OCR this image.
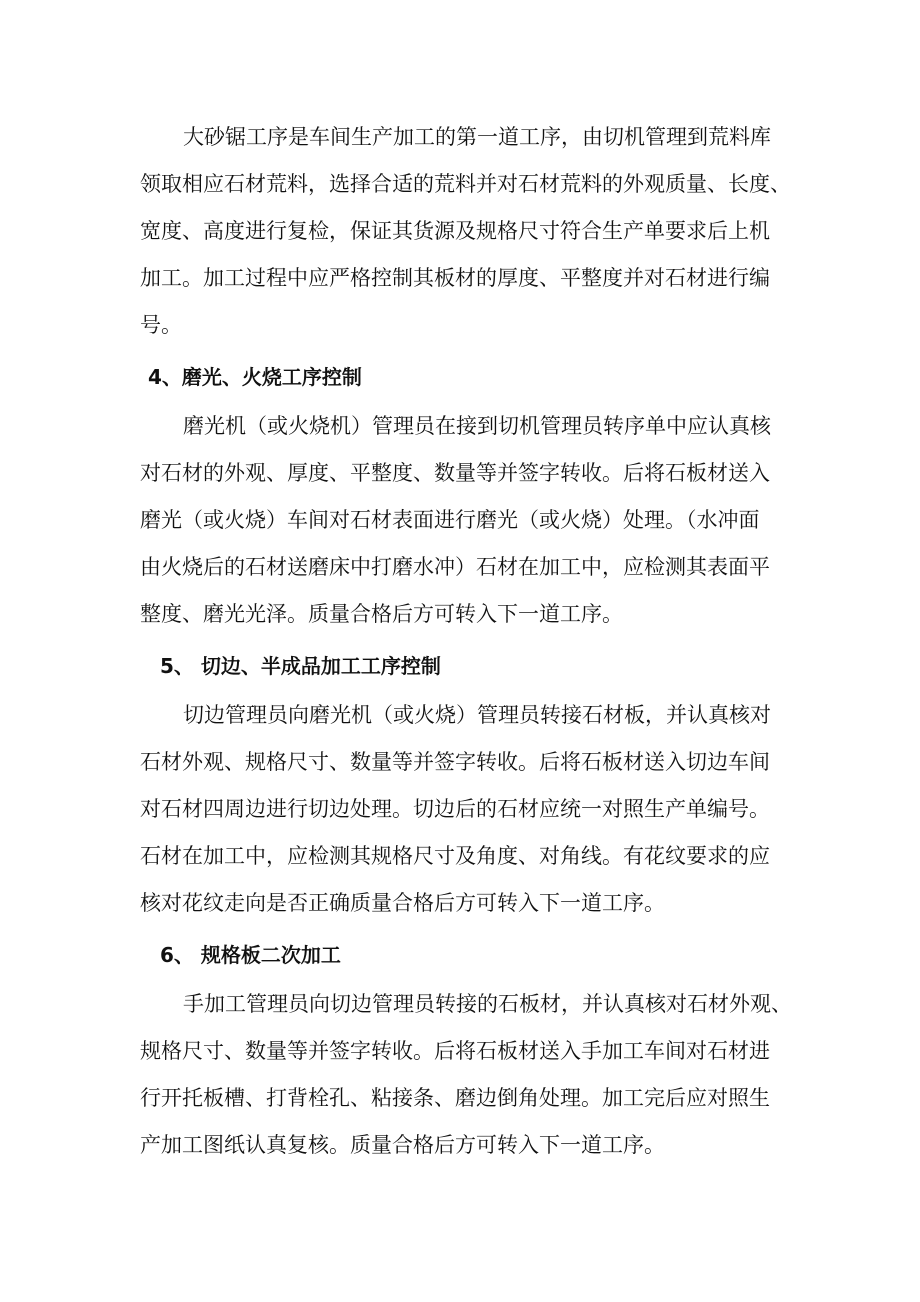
大砂锯工序是车间生产加工的第一道工序，由切机管理到荒料库
领取相应石材荒料，选择合适的荒料并对石材荒料的外观质量、长度、
宽度、高度进行复检，保证其货源及规格尺寸符合生产单要求后上机
加工。加工过程中应严格控制其板材的厚度、平整度并对石材进行编
号。
4、磨光、火烧工序控制
磨光机（或火烧机）管理员在接到切机管理员转序单中应认真核
对石材的外观、厚度、平整度、数量等并签字转收。后将石板材送入
磨光（或火烧）车间对石材表面进行磨光（或火烧）处理。（水冲面
由火烧后的石材送磨床中打磨水冲）石材在加工中，应检测其表面平
整度、磨光光泽。质量合格后方可转入下一道工序。
5、 切边、半成品加工工序控制
切边管理员向磨光机（或火烧）管理员转接石材板，并认真核对
石材外观、规格尺寸、数量等并签字转收。后将石板材送入切边车间
对石材四周边进行切边处理。切边后的石材应统一对照生产单编号。
石材在加工中，应检测其规格尺寸及角度、对角线。有花纹要求的应
核对花纹走向是否正确质量合格后方可转入下一道工序。
6、 规格板二次加工
手加工管理员向切边管理员转接的石板材，并认真核对石材外观、
规格尺寸、数量等并签字转收。后将石板材送入手加工车间对石材进
行开托板槽、打背栓孔、粘接条、磨边倒角处理。加工完后应对照生
产加工图纸认真复核。质量合格后方可转入下一道工序。
